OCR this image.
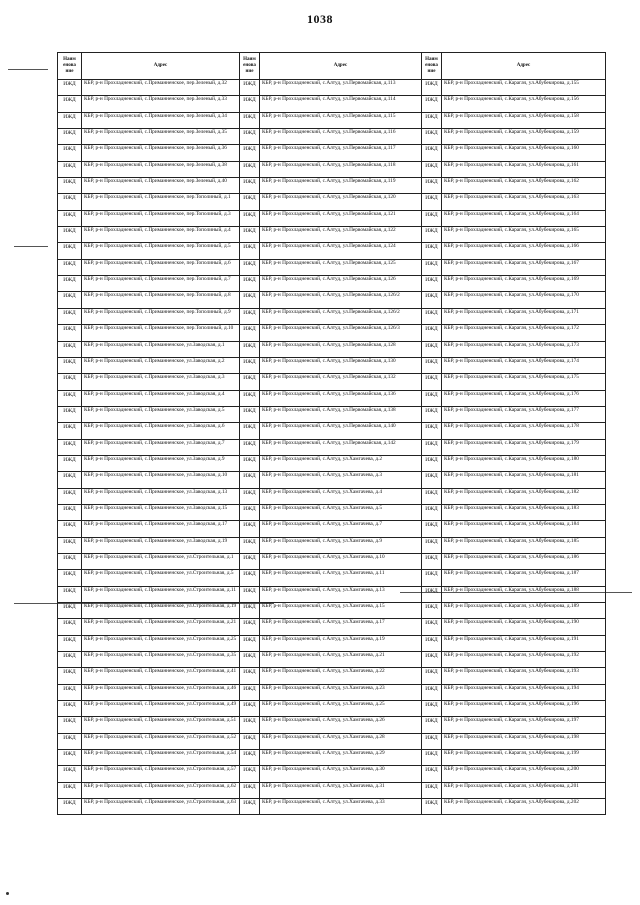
1038
Наим енова ние	Адрес	Наим енова ние	Адрес	Наим енова ние	Адрес
ИЖД	КБР, р-н Прохладненский, с.Приманненское, пер.Зеленый, д.32	ИЖД	КБР, р-н Прохладненский, с.Алтуд, ул.Первомайская, д.113	ИЖД	КБР, р-н Прохладненский, с.Карагач, ул.Абубекирова, д.155
ИЖД	КБР, р-н Прохладненский, с.Приманненское, пер.Зеленый, д.33	ИЖД	КБР, р-н Прохладненский, с.Алтуд, ул.Первомайская, д.114	ИЖД	КБР, р-н Прохладненский, с.Карагач, ул.Абубекирова, д.156
ИЖД	КБР, р-н Прохладненский, с.Приманненское, пер.Зеленый, д.34	ИЖД	КБР, р-н Прохладненский, с.Алтуд, ул.Первомайская, д.115	ИЖД	КБР, р-н Прохладненский, с.Карагач, ул.Абубекирова, д.158
ИЖД	КБР, р-н Прохладненский, с.Приманненское, пер.Зеленый, д.35	ИЖД	КБР, р-н Прохладненский, с.Алтуд, ул.Первомайская, д.116	ИЖД	КБР, р-н Прохладненский, с.Карагач, ул.Абубекирова, д.159
ИЖД	КБР, р-н Прохладненский, с.Приманненское, пер.Зеленый, д.36	ИЖД	КБР, р-н Прохладненский, с.Алтуд, ул.Первомайская, д.117	ИЖД	КБР, р-н Прохладненский, с.Карагач, ул.Абубекирова, д.160
ИЖД	КБР, р-н Прохладненский, с.Приманненское, пер.Зеленый, д.38	ИЖД	КБР, р-н Прохладненский, с.Алтуд, ул.Первомайская, д.118	ИЖД	КБР, р-н Прохладненский, с.Карагач, ул.Абубекирова, д.161
ИЖД	КБР, р-н Прохладненский, с.Приманненское, пер.Зеленый, д.40	ИЖД	КБР, р-н Прохладненский, с.Алтуд, ул.Первомайская, д.119	ИЖД	КБР, р-н Прохладненский, с.Карагач, ул.Абубекирова, д.162
ИЖД	КБР, р-н Прохладненский, с.Приманненское, пер.Тополиный, д.1	ИЖД	КБР, р-н Прохладненский, с.Алтуд, ул.Первомайская, д.120	ИЖД	КБР, р-н Прохладненский, с.Карагач, ул.Абубекирова, д.163
ИЖД	КБР, р-н Прохладненский, с.Приманненское, пер.Тополиный, д.3	ИЖД	КБР, р-н Прохладненский, с.Алтуд, ул.Первомайская, д.121	ИЖД	КБР, р-н Прохладненский, с.Карагач, ул.Абубекирова, д.164
ИЖД	КБР, р-н Прохладненский, с.Приманненское, пер.Тополиный, д.4	ИЖД	КБР, р-н Прохладненский, с.Алтуд, ул.Первомайская, д.122	ИЖД	КБР, р-н Прохладненский, с.Карагач, ул.Абубекирова, д.165
ИЖД	КБР, р-н Прохладненский, с.Приманненское, пер.Тополиный, д.5	ИЖД	КБР, р-н Прохладненский, с.Алтуд, ул.Первомайская, д.124	ИЖД	КБР, р-н Прохладненский, с.Карагач, ул.Абубекирова, д.166
ИЖД	КБР, р-н Прохладненский, с.Приманненское, пер.Тополиный, д.6	ИЖД	КБР, р-н Прохладненский, с.Алтуд, ул.Первомайская, д.125	ИЖД	КБР, р-н Прохладненский, с.Карагач, ул.Абубекирова, д.167
ИЖД	КБР, р-н Прохладненский, с.Приманненское, пер.Тополиный, д.7	ИЖД	КБР, р-н Прохладненский, с.Алтуд, ул.Первомайская, д.126	ИЖД	КБР, р-н Прохладненский, с.Карагач, ул.Абубекирова, д.169
ИЖД	КБР, р-н Прохладненский, с.Приманненское, пер.Тополиный, д.8	ИЖД	КБР, р-н Прохладненский, с.Алтуд, ул.Первомайская, д.126/2	ИЖД	КБР, р-н Прохладненский, с.Карагач, ул.Абубекирова, д.170
ИЖД	КБР, р-н Прохладненский, с.Приманненское, пер.Тополиный, д.9	ИЖД	КБР, р-н Прохладненский, с.Алтуд, ул.Первомайская, д.126/2	ИЖД	КБР, р-н Прохладненский, с.Карагач, ул.Абубекирова, д.171
ИЖД	КБР, р-н Прохладненский, с.Приманненское, пер.Тополиный, д.10	ИЖД	КБР, р-н Прохладненский, с.Алтуд, ул.Первомайская, д.126/3	ИЖД	КБР, р-н Прохладненский, с.Карагач, ул.Абубекирова, д.172
ИЖД	КБР, р-н Прохладненский, с.Приманненское, ул.Заводская, д.1	ИЖД	КБР, р-н Прохладненский, с.Алтуд, ул.Первомайская, д.128	ИЖД	КБР, р-н Прохладненский, с.Карагач, ул.Абубекирова, д.173
ИЖД	КБР, р-н Прохладненский, с.Приманненское, ул.Заводская, д.2	ИЖД	КБР, р-н Прохладненский, с.Алтуд, ул.Первомайская, д.130	ИЖД	КБР, р-н Прохладненский, с.Карагач, ул.Абубекирова, д.174
ИЖД	КБР, р-н Прохладненский, с.Приманненское, ул.Заводская, д.3	ИЖД	КБР, р-н Прохладненский, с.Алтуд, ул.Первомайская, д.132	ИЖД	КБР, р-н Прохладненский, с.Карагач, ул.Абубекирова, д.175
ИЖД	КБР, р-н Прохладненский, с.Приманненское, ул.Заводская, д.4	ИЖД	КБР, р-н Прохладненский, с.Алтуд, ул.Первомайская, д.136	ИЖД	КБР, р-н Прохладненский, с.Карагач, ул.Абубекирова, д.176
ИЖД	КБР, р-н Прохладненский, с.Приманненское, ул.Заводская, д.5	ИЖД	КБР, р-н Прохладненский, с.Алтуд, ул.Первомайская, д.138	ИЖД	КБР, р-н Прохладненский, с.Карагач, ул.Абубекирова, д.177
ИЖД	КБР, р-н Прохладненский, с.Приманненское, ул.Заводская, д.6	ИЖД	КБР, р-н Прохладненский, с.Алтуд, ул.Первомайская, д.140	ИЖД	КБР, р-н Прохладненский, с.Карагач, ул.Абубекирова, д.178
ИЖД	КБР, р-н Прохладненский, с.Приманненское, ул.Заводская, д.7	ИЖД	КБР, р-н Прохладненский, с.Алтуд, ул.Первомайская, д.142	ИЖД	КБР, р-н Прохладненский, с.Карагач, ул.Абубекирова, д.179
ИЖД	КБР, р-н Прохладненский, с.Приманненское, ул.Заводская, д.9	ИЖД	КБР, р-н Прохладненский, с.Алтуд, ул.Хамгачева, д.2	ИЖД	КБР, р-н Прохладненский, с.Карагач, ул.Абубекирова, д.180
ИЖД	КБР, р-н Прохладненский, с.Приманненское, ул.Заводская, д.10	ИЖД	КБР, р-н Прохладненский, с.Алтуд, ул.Хамгачева, д.3	ИЖД	КБР, р-н Прохладненский, с.Карагач, ул.Абубекирова, д.181
ИЖД	КБР, р-н Прохладненский, с.Приманненское, ул.Заводская, д.13	ИЖД	КБР, р-н Прохладненский, с.Алтуд, ул.Хамгачева, д.4	ИЖД	КБР, р-н Прохладненский, с.Карагач, ул.Абубекирова, д.182
ИЖД	КБР, р-н Прохладненский, с.Приманненское, ул.Заводская, д.15	ИЖД	КБР, р-н Прохладненский, с.Алтуд, ул.Хамгачева, д.5	ИЖД	КБР, р-н Прохладненский, с.Карагач, ул.Абубекирова, д.183
ИЖД	КБР, р-н Прохладненский, с.Приманненское, ул.Заводская, д.17	ИЖД	КБР, р-н Прохладненский, с.Алтуд, ул.Хамгачева, д.7	ИЖД	КБР, р-н Прохладненский, с.Карагач, ул.Абубекирова, д.184
ИЖД	КБР, р-н Прохладненский, с.Приманненское, ул.Заводская, д.19	ИЖД	КБР, р-н Прохладненский, с.Алтуд, ул.Хамгачева, д.9	ИЖД	КБР, р-н Прохладненский, с.Карагач, ул.Абубекирова, д.185
ИЖД	КБР, р-н Прохладненский, с.Приманненское, ул.Строительная, д.1	ИЖД	КБР, р-н Прохладненский, с.Алтуд, ул.Хамгачева, д.10	ИЖД	КБР, р-н Прохладненский, с.Карагач, ул.Абубекирова, д.186
ИЖД	КБР, р-н Прохладненский, с.Приманненское, ул.Строительная, д.5	ИЖД	КБР, р-н Прохладненский, с.Алтуд, ул.Хамгачева, д.11	ИЖД	КБР, р-н Прохладненский, с.Карагач, ул.Абубекирова, д.187
ИЖД	КБР, р-н Прохладненский, с.Приманненское, ул.Строительная, д.11	ИЖД	КБР, р-н Прохладненский, с.Алтуд, ул.Хамгачева, д.13	ИЖД	КБР, р-н Прохладненский, с.Карагач, ул.Абубекирова, д.188
ИЖД	КБР, р-н Прохладненский, с.Приманненское, ул.Строительная, д.19	ИЖД	КБР, р-н Прохладненский, с.Алтуд, ул.Хамгачева, д.15	ИЖД	КБР, р-н Прохладненский, с.Карагач, ул.Абубекирова, д.189
ИЖД	КБР, р-н Прохладненский, с.Приманненское, ул.Строительная, д.21	ИЖД	КБР, р-н Прохладненский, с.Алтуд, ул.Хамгачева, д.17	ИЖД	КБР, р-н Прохладненский, с.Карагач, ул.Абубекирова, д.190
ИЖД	КБР, р-н Прохладненский, с.Приманненское, ул.Строительная, д.25	ИЖД	КБР, р-н Прохладненский, с.Алтуд, ул.Хамгачева, д.19	ИЖД	КБР, р-н Прохладненский, с.Карагач, ул.Абубекирова, д.191
ИЖД	КБР, р-н Прохладненский, с.Приманненское, ул.Строительная, д.35	ИЖД	КБР, р-н Прохладненский, с.Алтуд, ул.Хамгачева, д.21	ИЖД	КБР, р-н Прохладненский, с.Карагач, ул.Абубекирова, д.192
ИЖД	КБР, р-н Прохладненский, с.Приманненское, ул.Строительная, д.41	ИЖД	КБР, р-н Прохладненский, с.Алтуд, ул.Хамгачева, д.22	ИЖД	КБР, р-н Прохладненский, с.Карагач, ул.Абубекирова, д.193
ИЖД	КБР, р-н Прохладненский, с.Приманненское, ул.Строительная, д.46	ИЖД	КБР, р-н Прохладненский, с.Алтуд, ул.Хамгачева, д.23	ИЖД	КБР, р-н Прохладненский, с.Карагач, ул.Абубекирова, д.194
ИЖД	КБР, р-н Прохладненский, с.Приманненское, ул.Строительная, д.49	ИЖД	КБР, р-н Прохладненский, с.Алтуд, ул.Хамгачева, д.25	ИЖД	КБР, р-н Прохладненский, с.Карагач, ул.Абубекирова, д.196
ИЖД	КБР, р-н Прохладненский, с.Приманненское, ул.Строительная, д.51	ИЖД	КБР, р-н Прохладненский, с.Алтуд, ул.Хамгачева, д.26	ИЖД	КБР, р-н Прохладненский, с.Карагач, ул.Абубекирова, д.197
ИЖД	КБР, р-н Прохладненский, с.Приманненское, ул.Строительная, д.52	ИЖД	КБР, р-н Прохладненский, с.Алтуд, ул.Хамгачева, д.28	ИЖД	КБР, р-н Прохладненский, с.Карагач, ул.Абубекирова, д.198
ИЖД	КБР, р-н Прохладненский, с.Приманненское, ул.Строительная, д.54	ИЖД	КБР, р-н Прохладненский, с.Алтуд, ул.Хамгачева, д.29	ИЖД	КБР, р-н Прохладненский, с.Карагач, ул.Абубекирова, д.199
ИЖД	КБР, р-н Прохладненский, с.Приманненское, ул.Строительная, д.57	ИЖД	КБР, р-н Прохладненский, с.Алтуд, ул.Хамгачева, д.30	ИЖД	КБР, р-н Прохладненский, с.Карагач, ул.Абубекирова, д.200
ИЖД	КБР, р-н Прохладненский, с.Приманненское, ул.Строительная, д.62	ИЖД	КБР, р-н Прохладненский, с.Алтуд, ул.Хамгачева, д.31	ИЖД	КБР, р-н Прохладненский, с.Карагач, ул.Абубекирова, д.201
ИЖД	КБР, р-н Прохладненский, с.Приманненское, ул.Строительная, д.63	ИЖД	КБР, р-н Прохладненский, с.Алтуд, ул.Хамгачева, д.33	ИЖД	КБР, р-н Прохладненский, с.Карагач, ул.Абубекирова, д.202
